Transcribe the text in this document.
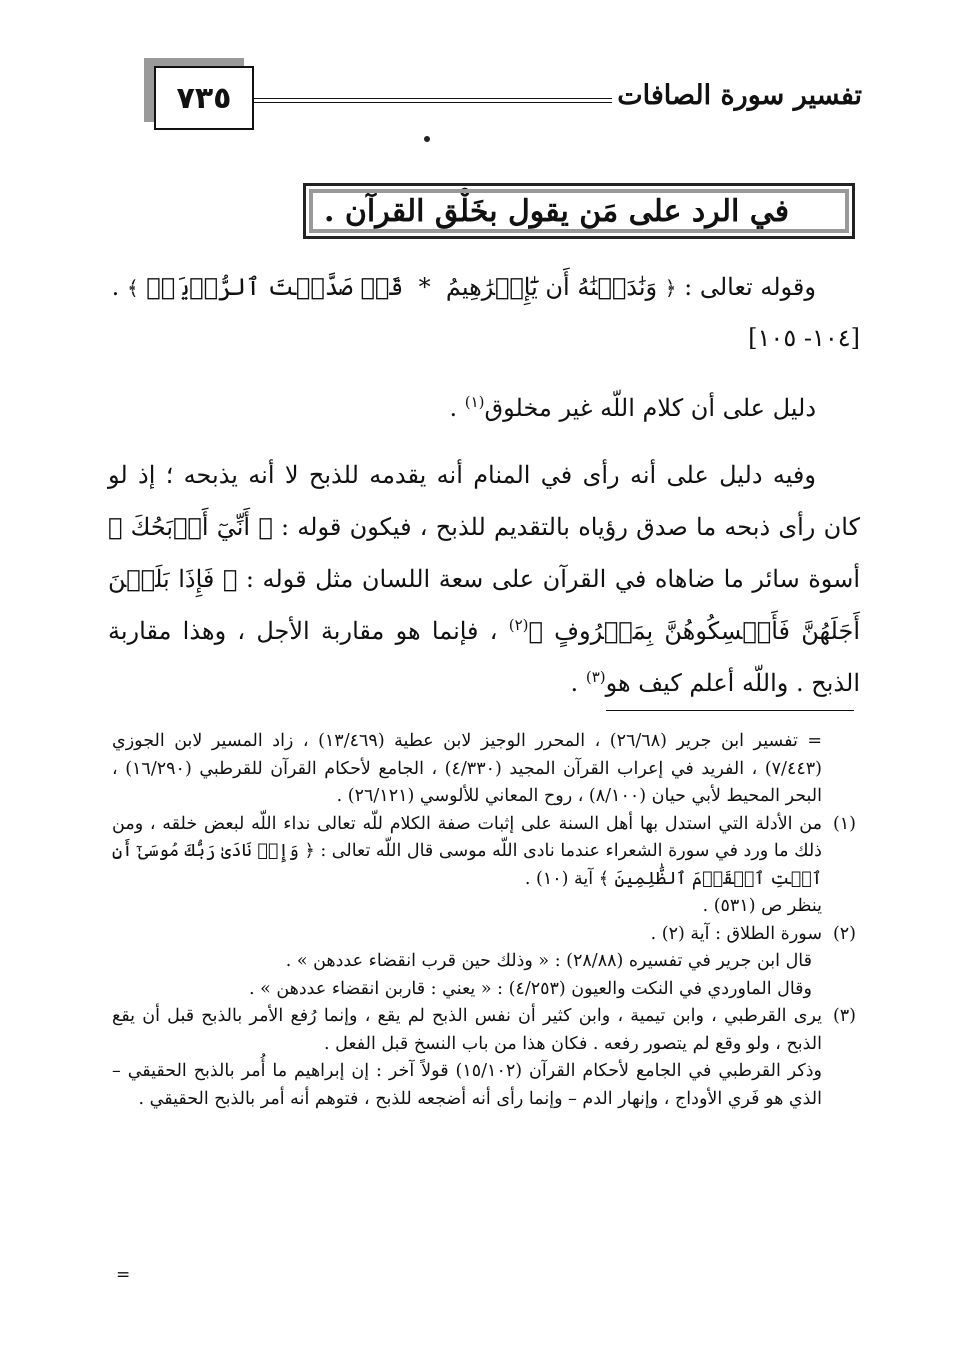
٧٣٥	تفسير سورة الصافات
في الرد على مَن يقول بخَلْق القرآن .

وقوله تعالى : ﴿ وَنَٰدَيۡنَٰهُ أَن يَٰٓإِبۡرَٰهِيمُ  *  قَدۡ صَدَّقۡتَ ٱلرُّءۡيَآۚ ﴾ .
[١٠٤- ١٠٥]

دليل على أن كلام اللّه غير مخلوق$^{(١)}$ .

وفيه دليل على أنه رأى في المنام أنه يقدمه للذبح لا أنه يذبحه ؛ إذ لو كان رأى ذبحه ما صدق رؤياه بالتقديم للذبح ، فيكون قوله : ﴿ أَنِّيٓ أَذۡبَحُكَ ﴾ أسوة سائر ما ضاهاه في القرآن على سعة اللسان مثل قوله : ﴿ فَإِذَا بَلَغۡنَ أَجَلَهُنَّ فَأَمۡسِكُوهُنَّ بِمَعۡرُوفٍ ﴾$^{(٢)}$ ، فإنما هو مقاربة الأجل ، وهذا مقاربة الذبح . واللّه أعلم كيف هو$^{(٣)}$ .

= تفسير ابن جرير (٢٦/٦٨) ، المحرر الوجيز لابن عطية (١٣/٤٦٩) ، زاد المسير لابن الجوزي (٧/٤٤٣) ، الفريد في إعراب القرآن المجيد (٤/٣٣٠) ، الجامع لأحكام القرآن للقرطبي (١٦/٢٩٠) ، البحر المحيط لأبي حيان (٨/١٠٠) ، روح المعاني للألوسي (٢٦/١٢١) .

(١)
من الأدلة التي استدل بها أهل السنة على إثبات صفة الكلام للّه تعالى نداء اللّه لبعض خلقه ، ومن ذلك ما ورد في سورة الشعراء عندما نادى اللّه موسى قال اللّه تعالى : ﴿ وَإِذۡ نَادَىٰ رَبُّكَ مُوسَىٰٓ أَنِ ٱئۡتِ ٱلۡقَوۡمَ ٱلظَّٰلِمِينَ ﴾ آية (١٠) .

ينظر ص (٥٣١) .

(٢)
سورة الطلاق : آية (٢) .

قال ابن جرير في تفسيره (٢٨/٨٨) : « وذلك حين قرب انقضاء عددهن » .

وقال الماوردي في النكت والعيون (٤/٢٥٣) : « يعني : قاربن انقضاء عددهن » .

(٣)
يرى القرطبي ، وابن تيمية ، وابن كثير أن نفس الذبح لم يقع ، وإنما رُفع الأمر بالذبح قبل أن يقع الذبح ، ولو وقع لم يتصور رفعه . فكان هذا من باب النسخ قبل الفعل .

وذكر القرطبي في الجامع لأحكام القرآن (١٥/١٠٢) قولاً آخر : إن إبراهيم ما أُمر بالذبح الحقيقي – الذي هو فَري الأوداج ، وإنهار الدم – وإنما رأى أنه أضجعه للذبح ، فتوهم أنه أمر بالذبح الحقيقي .

=
